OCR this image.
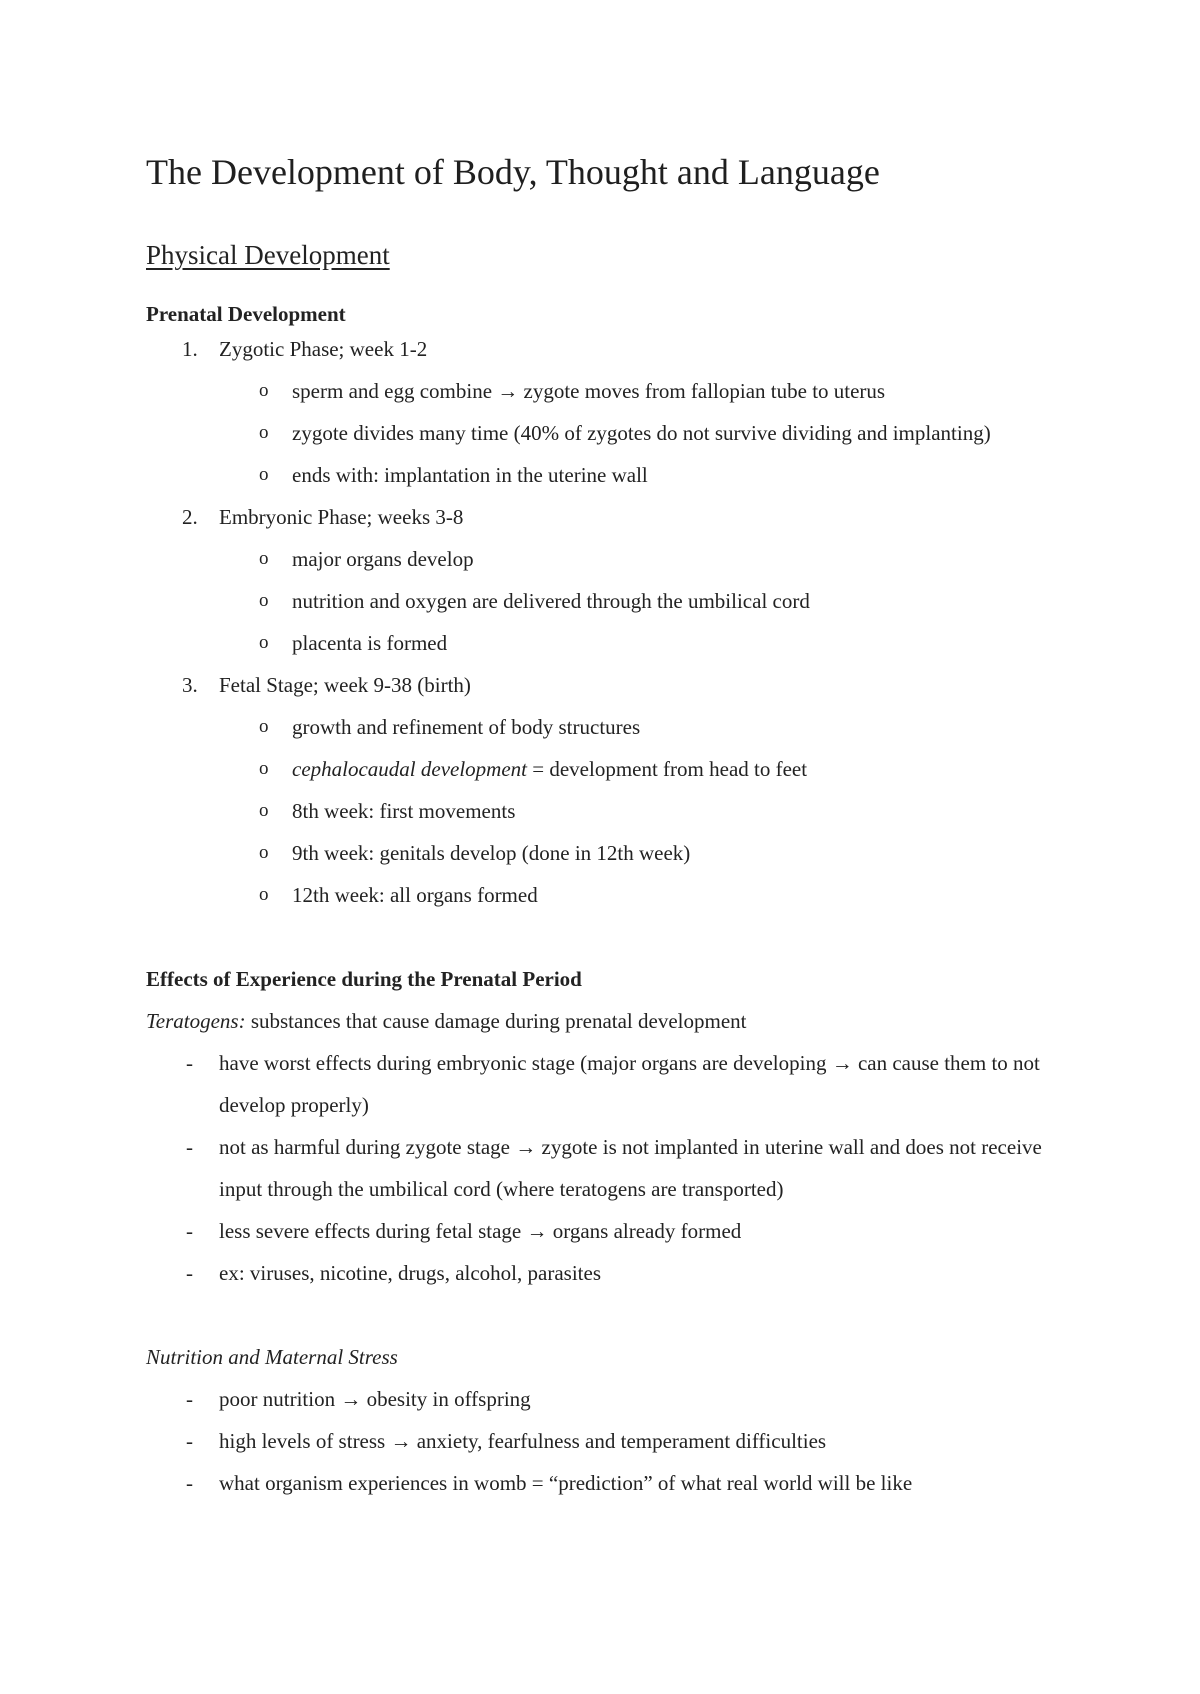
The Development of Body, Thought and Language
Physical Development
Prenatal Development
1. Zygotic Phase; week 1-2
o sperm and egg combine → zygote moves from fallopian tube to uterus
o zygote divides many time (40% of zygotes do not survive dividing and implanting)
o ends with: implantation in the uterine wall
2. Embryonic Phase; weeks 3-8
o major organs develop
o nutrition and oxygen are delivered through the umbilical cord
o placenta is formed
3. Fetal Stage; week 9-38 (birth)
o growth and refinement of body structures
o cephalocaudal development = development from head to feet
o 8th week: first movements
o 9th week: genitals develop (done in 12th week)
o 12th week: all organs formed
Effects of Experience during the Prenatal Period
Teratogens: substances that cause damage during prenatal development
- have worst effects during embryonic stage (major organs are developing → can cause them to not develop properly)
- not as harmful during zygote stage → zygote is not implanted in uterine wall and does not receive input through the umbilical cord (where teratogens are transported)
- less severe effects during fetal stage → organs already formed
- ex: viruses, nicotine, drugs, alcohol, parasites
Nutrition and Maternal Stress
- poor nutrition → obesity in offspring
- high levels of stress → anxiety, fearfulness and temperament difficulties
- what organism experiences in womb = “prediction” of what real world will be like
